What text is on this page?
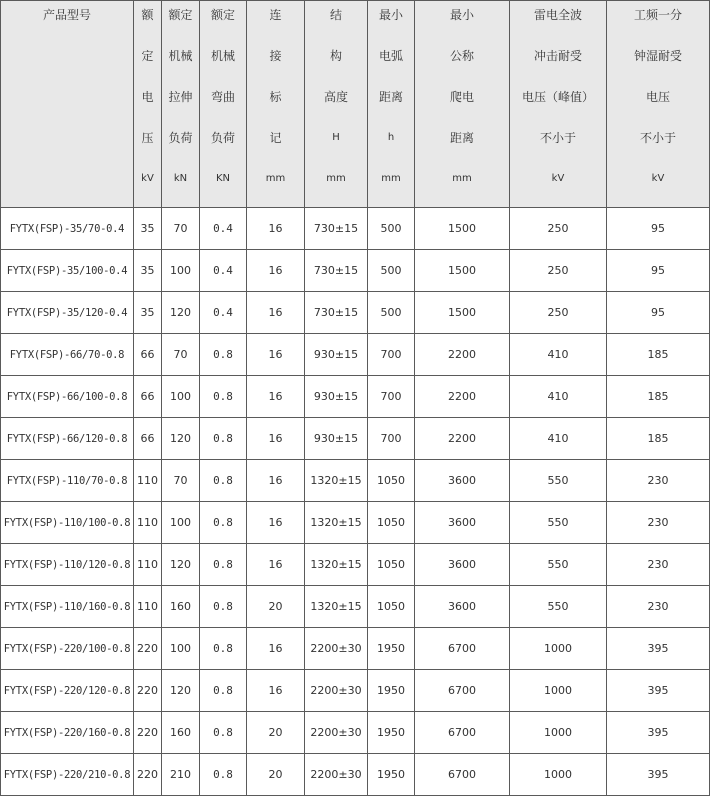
产品型号	额
定
电
压
kV	额定
机械
拉伸
负荷
kN	额定
机械
弯曲
负荷
KN	连
接
标
记
mm	结
构
高度
H
mm	最小
电弧
距离
h
mm	最小
公称
爬电
距离
mm	雷电全波
冲击耐受
电压（峰值）
不小于
kV	工频一分
钟湿耐受
电压
不小于
kV

FYTX(FSP)-35/70-0.4	35	70	0.4	16	730±15	500	1500	250	95
FYTX(FSP)-35/100-0.4	35	100	0.4	16	730±15	500	1500	250	95
FYTX(FSP)-35/120-0.4	35	120	0.4	16	730±15	500	1500	250	95
FYTX(FSP)-66/70-0.8	66	70	0.8	16	930±15	700	2200	410	185
FYTX(FSP)-66/100-0.8	66	100	0.8	16	930±15	700	2200	410	185
FYTX(FSP)-66/120-0.8	66	120	0.8	16	930±15	700	2200	410	185
FYTX(FSP)-110/70-0.8	110	70	0.8	16	1320±15	1050	3600	550	230
FYTX(FSP)-110/100-0.8	110	100	0.8	16	1320±15	1050	3600	550	230
FYTX(FSP)-110/120-0.8	110	120	0.8	16	1320±15	1050	3600	550	230
FYTX(FSP)-110/160-0.8	110	160	0.8	20	1320±15	1050	3600	550	230
FYTX(FSP)-220/100-0.8	220	100	0.8	16	2200±30	1950	6700	1000	395
FYTX(FSP)-220/120-0.8	220	120	0.8	16	2200±30	1950	6700	1000	395
FYTX(FSP)-220/160-0.8	220	160	0.8	20	2200±30	1950	6700	1000	395
FYTX(FSP)-220/210-0.8	220	210	0.8	20	2200±30	1950	6700	1000	395
